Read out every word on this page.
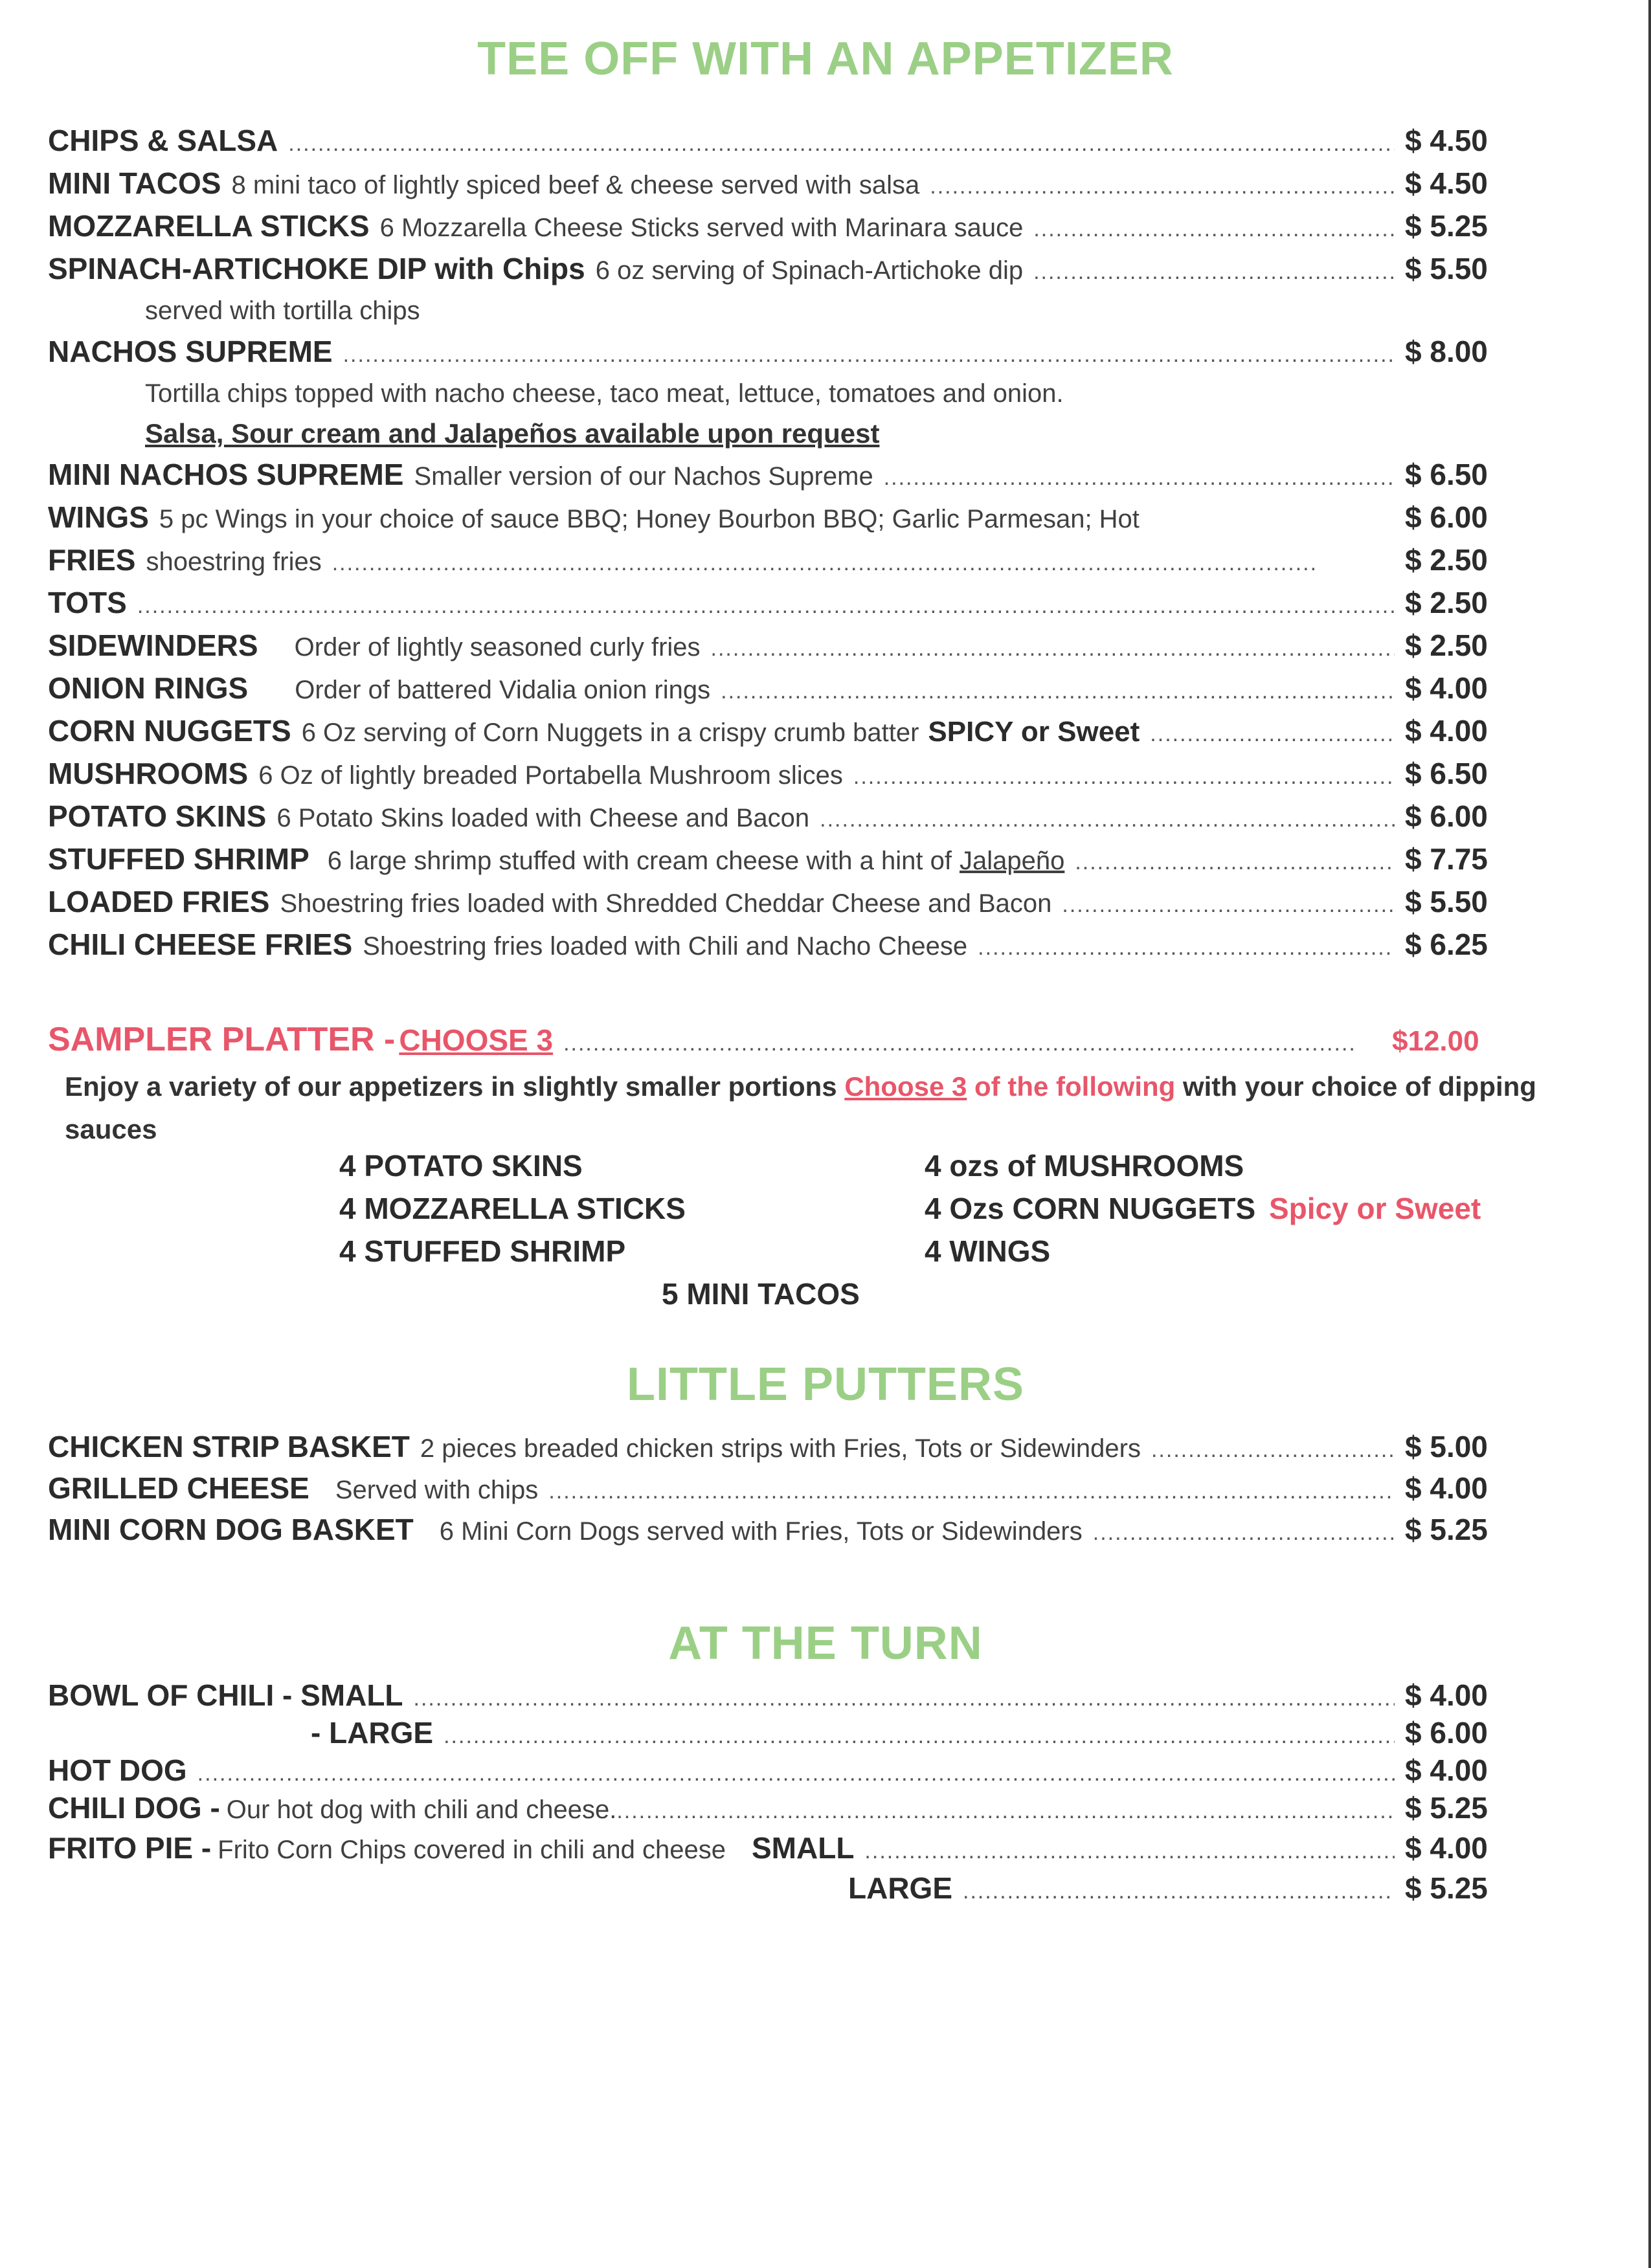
TEE OFF WITH AN APPETIZER
CHIPS & SALSA .....	$ 4.50
MINI TACOS 8 mini taco of lightly spiced beef & cheese served with salsa .....	$ 4.50
MOZZARELLA STICKS 6 Mozzarella Cheese Sticks served with Marinara sauce .....	$ 5.25
SPINACH-ARTICHOKE DIP with Chips 6 oz serving of Spinach-Artichoke dip .....	$ 5.50
served with tortilla chips
NACHOS SUPREME .....	$ 8.00
Tortilla chips topped with nacho cheese, taco meat, lettuce, tomatoes and onion.
Salsa, Sour cream and Jalapeños available upon request
MINI NACHOS SUPREME Smaller version of our Nachos Supreme .....	$ 6.50
WINGS 5 pc Wings in your choice of sauce BBQ; Honey Bourbon BBQ; Garlic Parmesan; Hot	$ 6.00
FRIES shoestring fries .....	$ 2.50
TOTS .....	$ 2.50
SIDEWINDERS Order of lightly seasoned curly fries .....	$ 2.50
ONION RINGS Order of battered Vidalia onion rings .....	$ 4.00
CORN NUGGETS 6 Oz serving of Corn Nuggets in a crispy crumb batter SPICY or Sweet .....	$ 4.00
MUSHROOMS 6 Oz of lightly breaded Portabella Mushroom slices .....	$ 6.50
POTATO SKINS 6 Potato Skins loaded with Cheese and Bacon .....	$ 6.00
STUFFED SHRIMP 6 large shrimp stuffed with cream cheese with a hint of Jalapeño .....	$ 7.75
LOADED FRIES Shoestring fries loaded with Shredded Cheddar Cheese and Bacon .....	$ 5.50
CHILI CHEESE FRIES Shoestring fries loaded with Chili and Nacho Cheese .....	$ 6.25
SAMPLER PLATTER - CHOOSE 3 .....	$12.00
Enjoy a variety of our appetizers in slightly smaller portions Choose 3 of the following with your choice of dipping sauces
4 POTATO SKINS
4 MOZZARELLA STICKS
4 STUFFED SHRIMP
4 ozs of MUSHROOMS
4 Ozs CORN NUGGETS Spicy or Sweet
4 WINGS
5 MINI TACOS
LITTLE PUTTERS
CHICKEN STRIP BASKET 2 pieces breaded chicken strips with Fries, Tots or Sidewinders .....	$ 5.00
GRILLED CHEESE Served with chips .....	$ 4.00
MINI CORN DOG BASKET 6 Mini Corn Dogs served with Fries, Tots or Sidewinders .....	$ 5.25
AT THE TURN
BOWL OF CHILI - SMALL .....	$ 4.00
- LARGE .....	$ 6.00
HOT DOG .....	$ 4.00
CHILI DOG - Our hot dog with chili and cheese. .....	$ 5.25
FRITO PIE - Frito Corn Chips covered in chili and cheese SMALL .....	$ 4.00
LARGE .....	$ 5.25
